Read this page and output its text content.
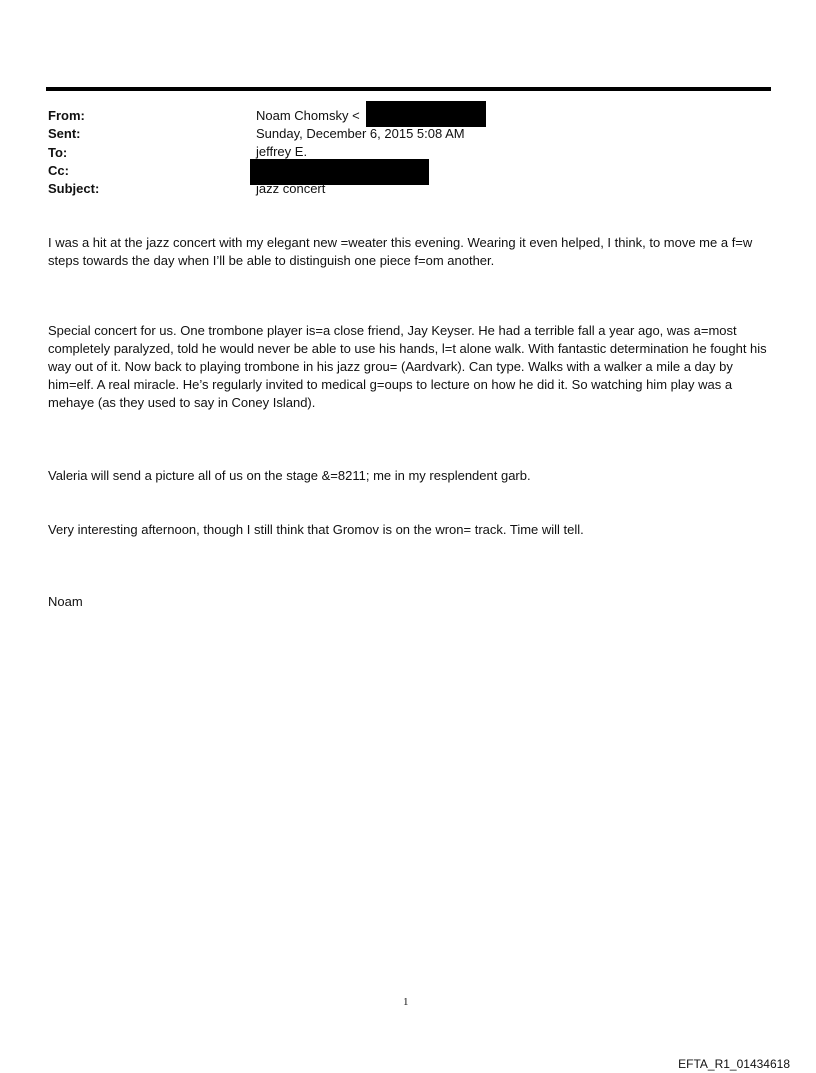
From:	Noam Chomsky <
Sent:	Sunday, December 6, 2015 5:08 AM
To:	jeffrey E.
Cc:
Subject:	jazz concert

I was a hit at the jazz concert with my elegant new =weater this evening. Wearing it even helped, I think, to move me a f=w steps towards the day when I’ll be able to distinguish one piece f=om another.

Special concert for us. One trombone player is=a close friend, Jay Keyser. He had a terrible fall a year ago, was a=most completely paralyzed, told he would never be able to use his hands, l=t alone walk. With fantastic determination he fought his way out of it. Now back to playing trombone in his jazz grou= (Aardvark). Can type. Walks with a walker a mile a day by him=elf. A real miracle. He’s regularly invited to medical g=oups to lecture on how he did it. So watching him play was a mehaye (as they used to say in Coney Island).

Valeria will send a picture all of us on the stage &=8211; me in my resplendent garb.

Very interesting afternoon, though I still think that Gromov is on the wron= track. Time will tell.

Noam

1
EFTA_R1_01434618
